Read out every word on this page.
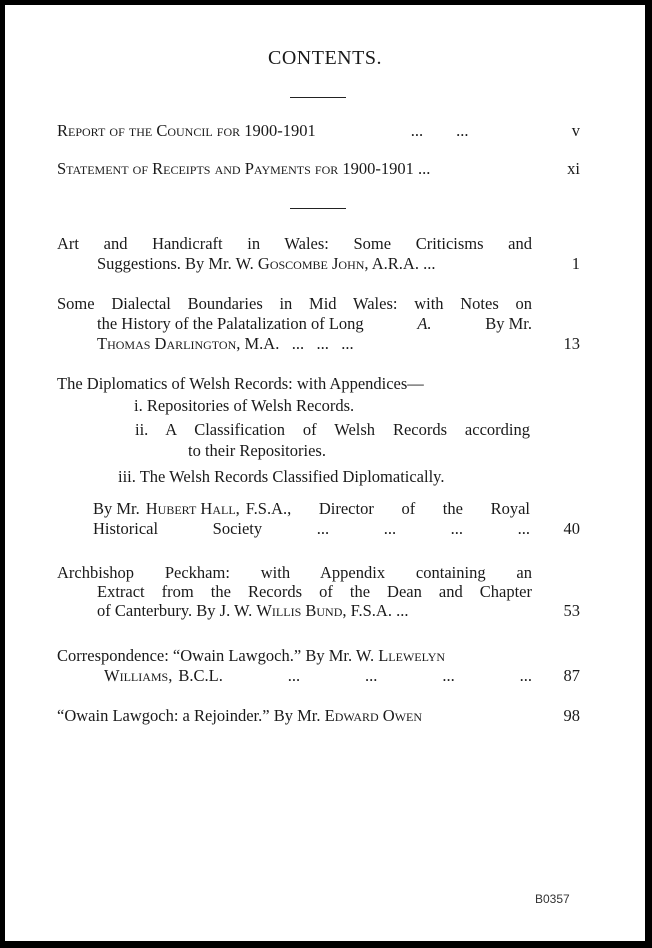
CONTENTS.
Report of the Council for 1900-1901	...        ...	v
Statement of Receipts and Payments for 1900-1901 ...	xi
Art and Handicraft in Wales: Some Criticisms and
Suggestions. By Mr. W. Goscombe John, A.R.A. ...	1
Some Dialectal Boundaries in Mid Wales: with Notes on
the History of the Palatalization of Long	A.	By Mr.
Thomas Darlington, M.A.   ...   ...   ...	13
The Diplomatics of Welsh Records: with Appendices—
i. Repositories of Welsh Records.
ii. A Classification of Welsh Records according
to their Repositories.
iii. The Welsh Records Classified Diplomatically.
By Mr. Hubert Hall, F.S.A., Director of the Royal
Historical Society ... ... ... ...	40
Archbishop Peckham: with Appendix containing an
Extract from the Records of the Dean and Chapter
of Canterbury. By J. W. Willis Bund, F.S.A. ...	53
Correspondence: “Owain Lawgoch.” By Mr. W. Llewelyn
Williams, B.C.L. ... ... ... ...	87
“Owain Lawgoch: a Rejoinder.” By Mr. Edward Owen	98
B0357
